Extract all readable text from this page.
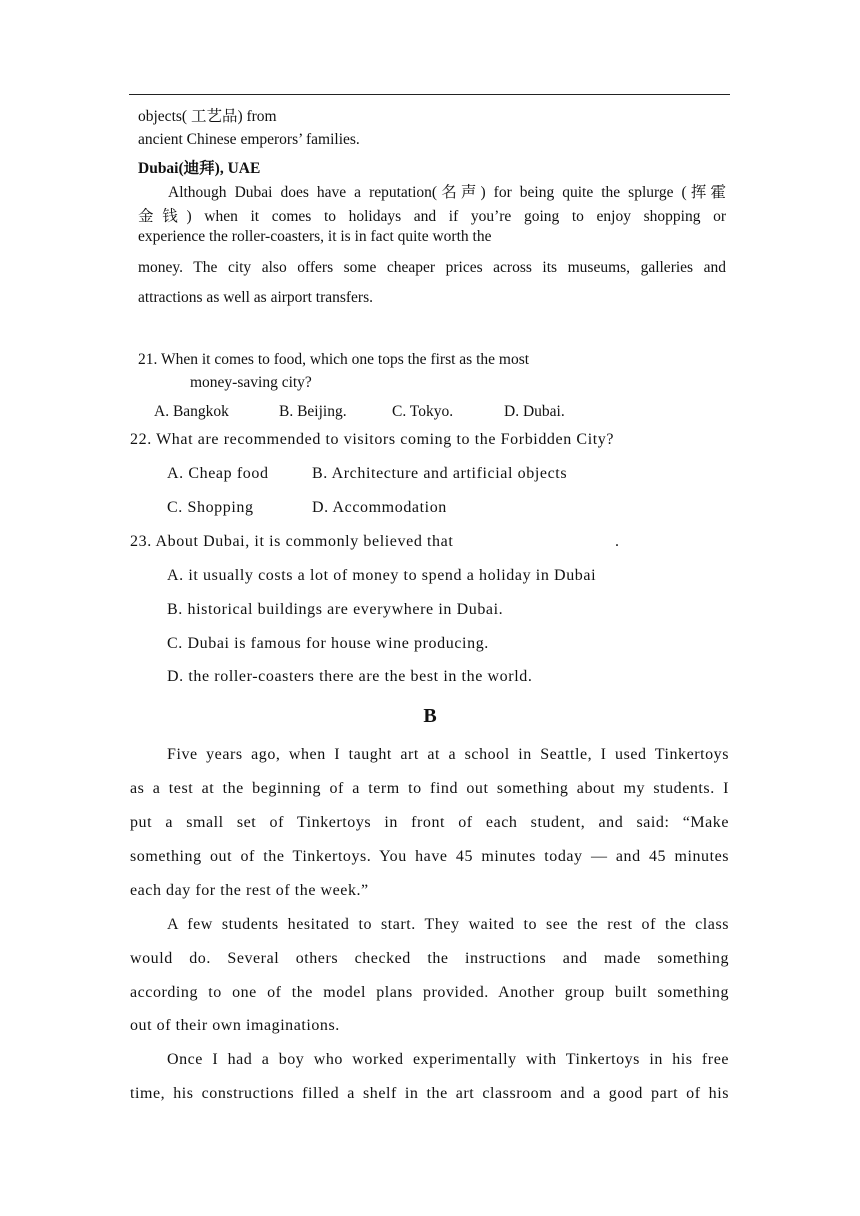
objects( 工艺品) from
ancient Chinese emperors’ families.
Dubai(迪拜), UAE
Although Dubai does have a reputation(名声) for being quite the splurge (挥霍
金钱) when it comes to holidays and if you’re going to enjoy shopping or
experience the roller-coasters, it is in fact quite worth the
money. The city also offers some cheaper prices across its museums, galleries and
attractions as well as airport transfers.
21. When it comes to food, which one tops the first as the most
money-saving city?
A. Bangkok	B. Beijing.	C. Tokyo.	D. Dubai.
22. What are recommended to visitors coming to the Forbidden City?
A. Cheap food	B. Architecture and artificial objects
C. Shopping	D. Accommodation
23. About Dubai, it is commonly believed that	.
A. it usually costs a lot of money to spend a holiday in Dubai
B. historical buildings are everywhere in Dubai.
C. Dubai is famous for house wine producing.
D. the roller-coasters there are the best in the world.
B
Five years ago, when I taught art at a school in Seattle, I used Tinkertoys
as a test at the beginning of a term to find out something about my students. I
put a small set of Tinkertoys in front of each student, and said: “Make
something out of the Tinkertoys. You have 45 minutes today — and 45 minutes
each day for the rest of the week.”
A few students hesitated to start. They waited to see the rest of the class
would do. Several others checked the instructions and made something
according to one of the model plans provided. Another group built something
out of their own imaginations.
Once I had a boy who worked experimentally with Tinkertoys in his free
time, his constructions filled a shelf in the art classroom and a good part of his
